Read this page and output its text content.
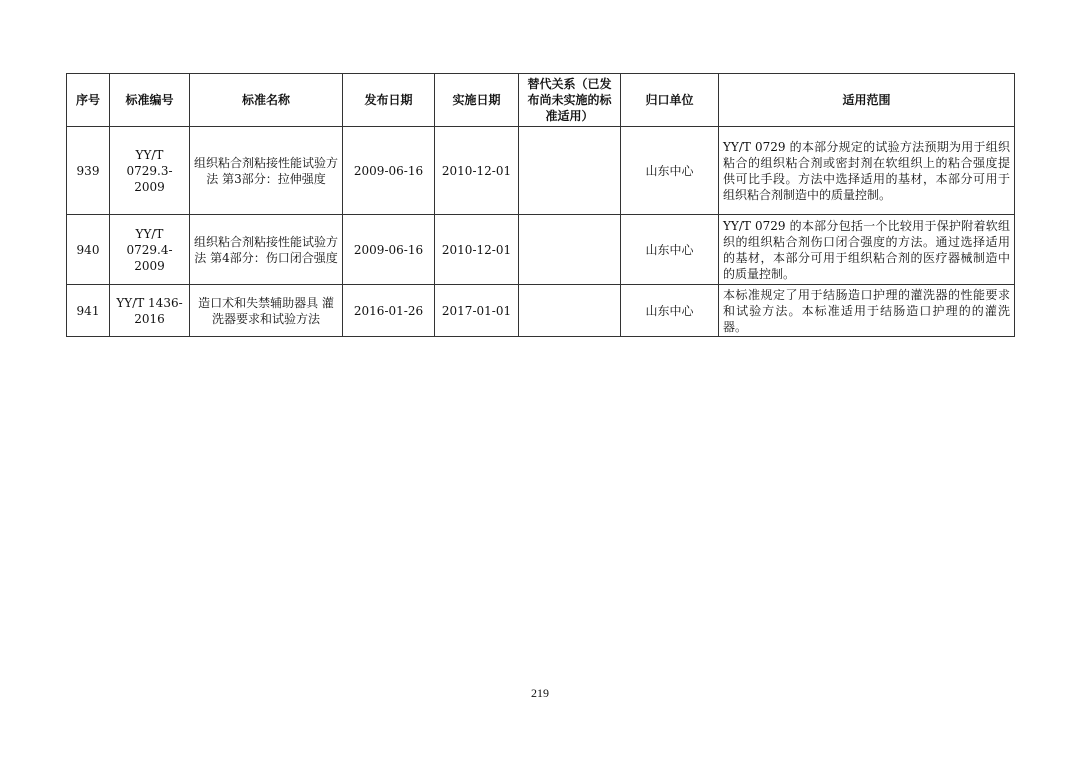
序号	标准编号	标准名称	发布日期	实施日期	替代关系（已发布尚未实施的标准适用）	归口单位	适用范围
939	YY/T 0729.3-2009	组织粘合剂粘接性能试验方法 第3部分：拉伸强度	2009-06-16	2010-12-01		山东中心	YY/T 0729 的本部分规定的试验方法预期为用于组织粘合的组织粘合剂或密封剂在软组织上的粘合强度提供可比手段。方法中选择适用的基材，本部分可用于组织粘合剂制造中的质量控制。
940	YY/T 0729.4-2009	组织粘合剂粘接性能试验方法 第4部分：伤口闭合强度	2009-06-16	2010-12-01		山东中心	YY/T 0729 的本部分包括一个比较用于保护附着软组织的组织粘合剂伤口闭合强度的方法。通过选择适用的基材，本部分可用于组织粘合剂的医疗器械制造中的质量控制。
941	YY/T 1436-2016	造口术和失禁辅助器具 灌洗器要求和试验方法	2016-01-26	2017-01-01		山东中心	本标准规定了用于结肠造口护理的灌洗器的性能要求和试验方法。本标准适用于结肠造口护理的的灌洗器。
219
